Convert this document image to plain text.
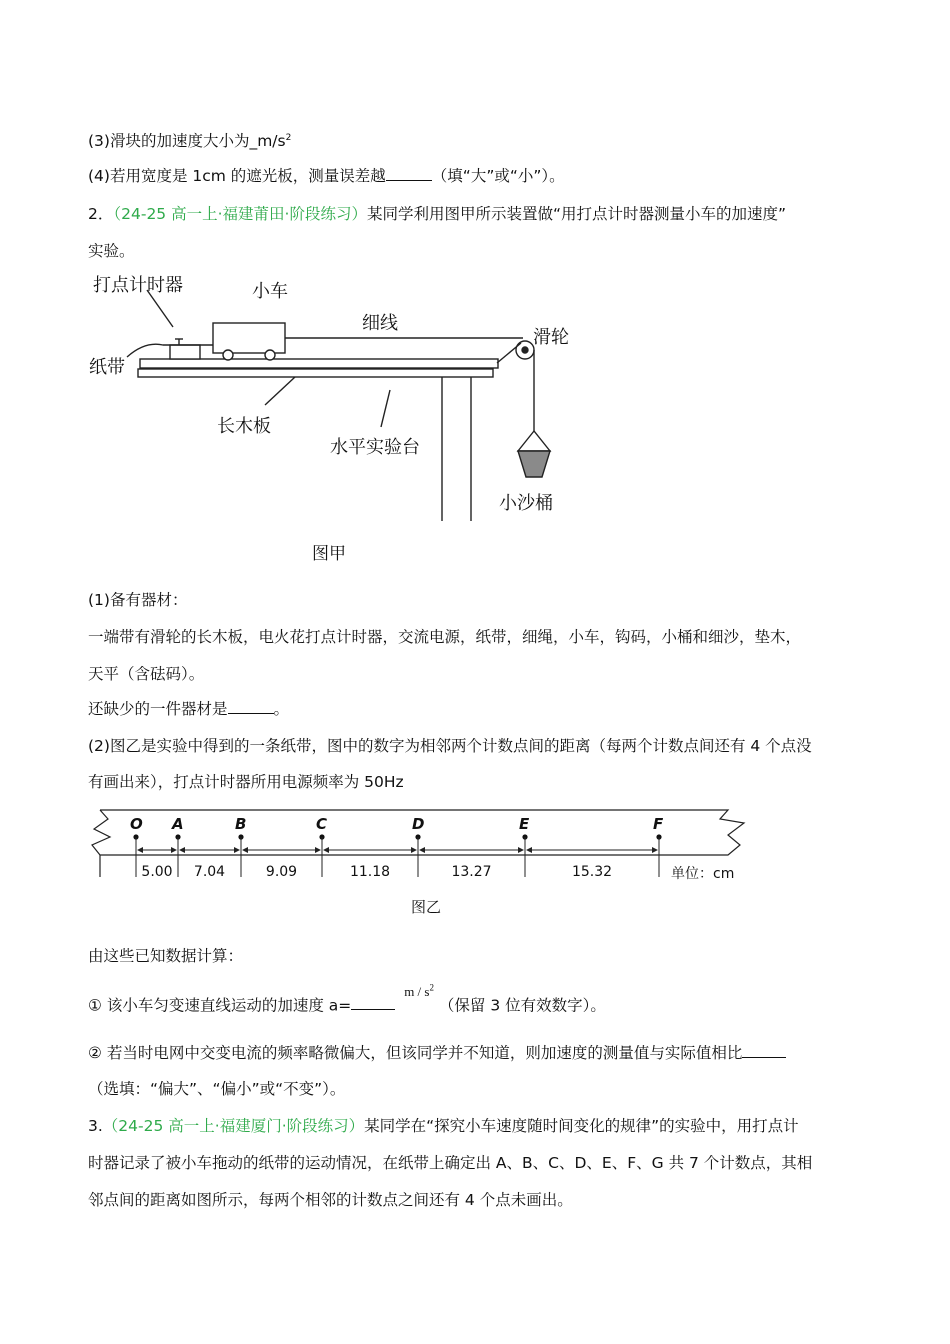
(3)滑块的加速度大小为$\_m/s^2$
(4)若用宽度是 1cm 的遮光板，测量误差越	（填“大”或“小”）。
2．（24-25 高一上·福建莆田·阶段练习）某同学利用图甲所示装置做“用打点计时器测量小车的加速度”
实验。
打点计时器	小车
细线
滑轮
纸带
长木板
水平实验台
小沙桶
图甲
(1)备有器材：
一端带有滑轮的长木板，电火花打点计时器，交流电源，纸带，细绳，小车，钩码，小桶和细沙，垫木，
天平（含砝码）。
还缺少的一件器材是	。
(2)图乙是实验中得到的一条纸带，图中的数字为相邻两个计数点间的距离（每两个计数点间还有 4 个点没
有画出来），打点计时器所用电源频率为 50Hz
O A	B	C	D	E	F
5.00 7.04	9.09	11.18	13.27	15.32	单位：cm
图乙
由这些已知数据计算：
① 该小车匀变速直线运动的加速度 a= $^{m / s^2}$ （保留 3 位有效数字）。
② 若当时电网中交变电流的频率略微偏大，但该同学并不知道，则加速度的测量值与实际值相比
（选填：“偏大”、“偏小”或“不变”）。
3.（24-25 高一上·福建厦门·阶段练习）某同学在“探究小车速度随时间变化的规律”的实验中，用打点计
时器记录了被小车拖动的纸带的运动情况，在纸带上确定出 A、B、C、D、E、F、G 共 7 个计数点，其相
邻点间的距离如图所示，每两个相邻的计数点之间还有 4 个点未画出。
